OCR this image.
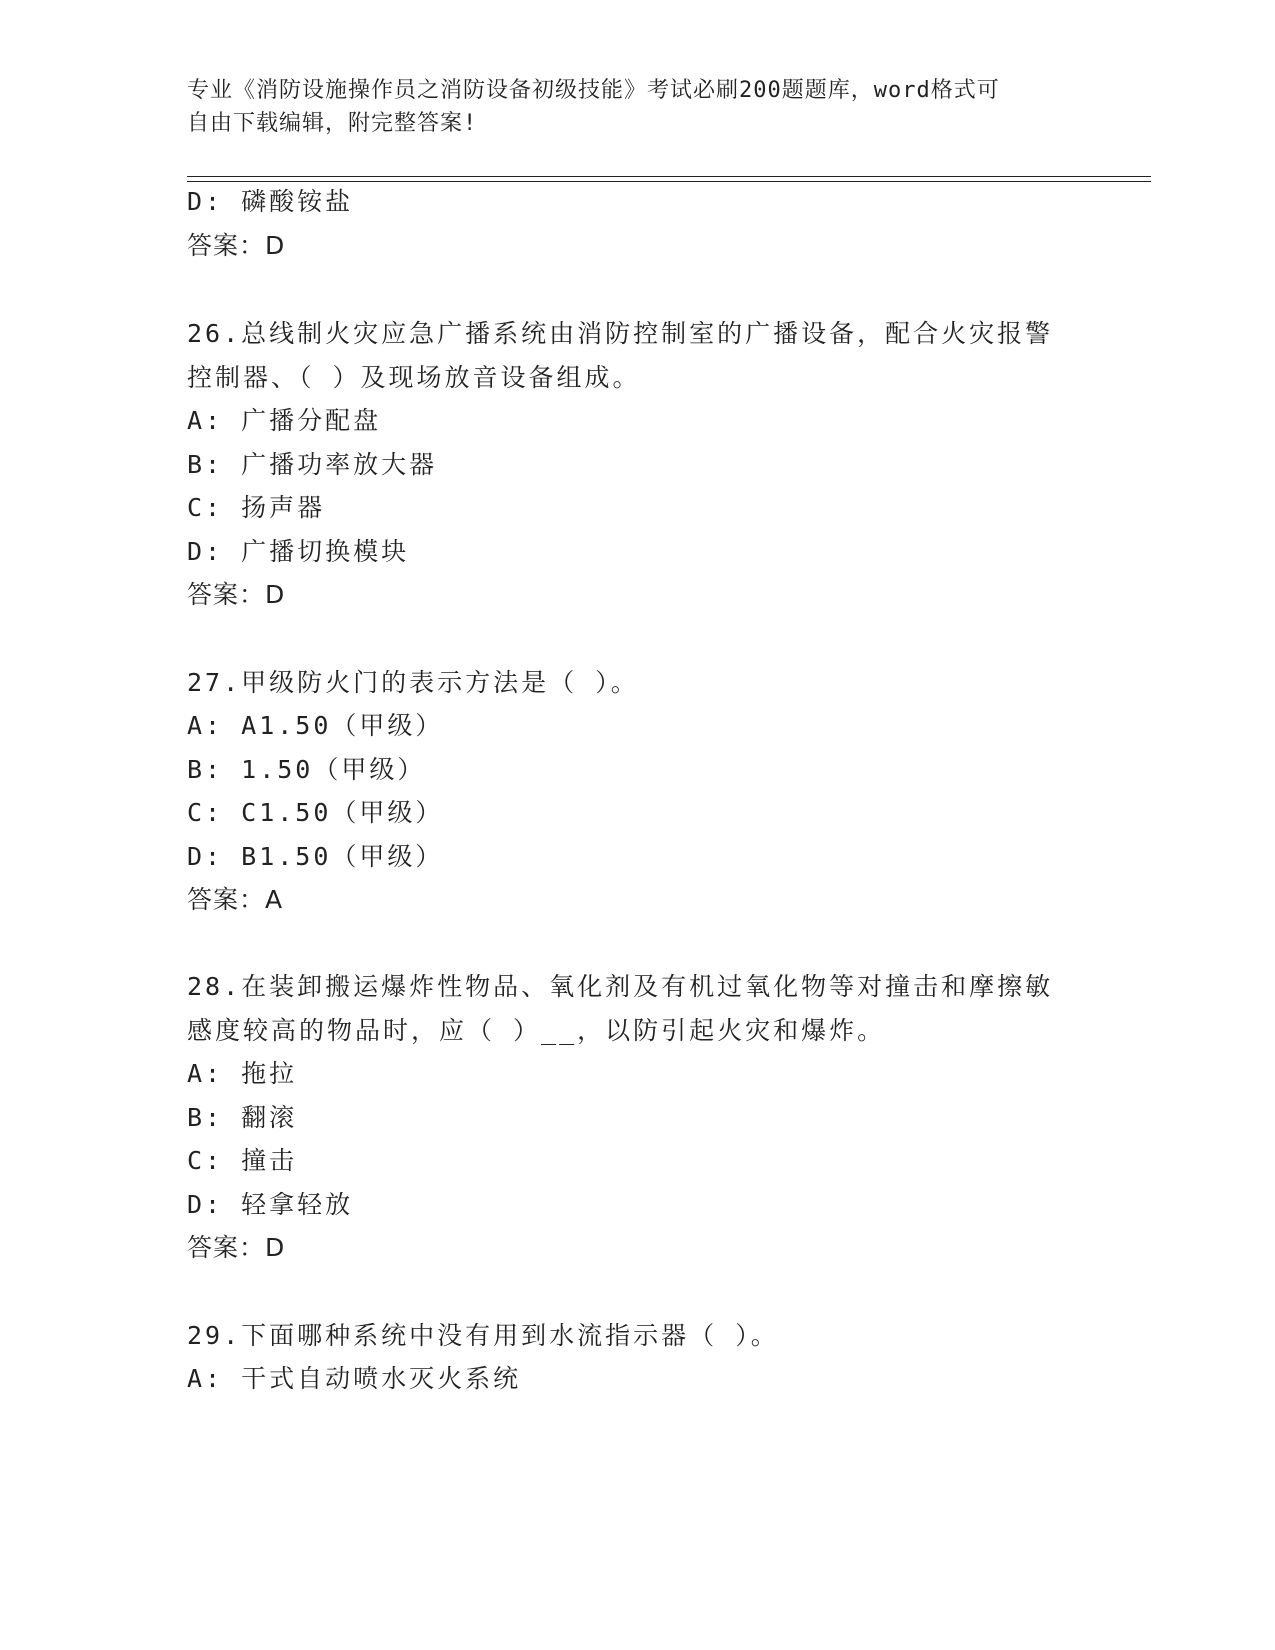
专业《消防设施操作员之消防设备初级技能》考试必刷200题题库，word格式可
自由下载编辑，附完整答案!
D: 磷酸铵盐
答案：D
26.总线制火灾应急广播系统由消防控制室的广播设备，配合火灾报警
控制器、（ ）及现场放音设备组成。
A: 广播分配盘
B: 广播功率放大器
C: 扬声器
D: 广播切换模块
答案：D
27.甲级防火门的表示方法是（ ）。
A: A1.50（甲级）
B: 1.50（甲级）
C: C1.50（甲级）
D: B1.50（甲级）
答案：A
28.在装卸搬运爆炸性物品、氧化剂及有机过氧化物等对撞击和摩擦敏
感度较高的物品时，应（ ）__，以防引起火灾和爆炸。
A: 拖拉
B: 翻滚
C: 撞击
D: 轻拿轻放
答案：D
29.下面哪种系统中没有用到水流指示器（ ）。
A: 干式自动喷水灭火系统
